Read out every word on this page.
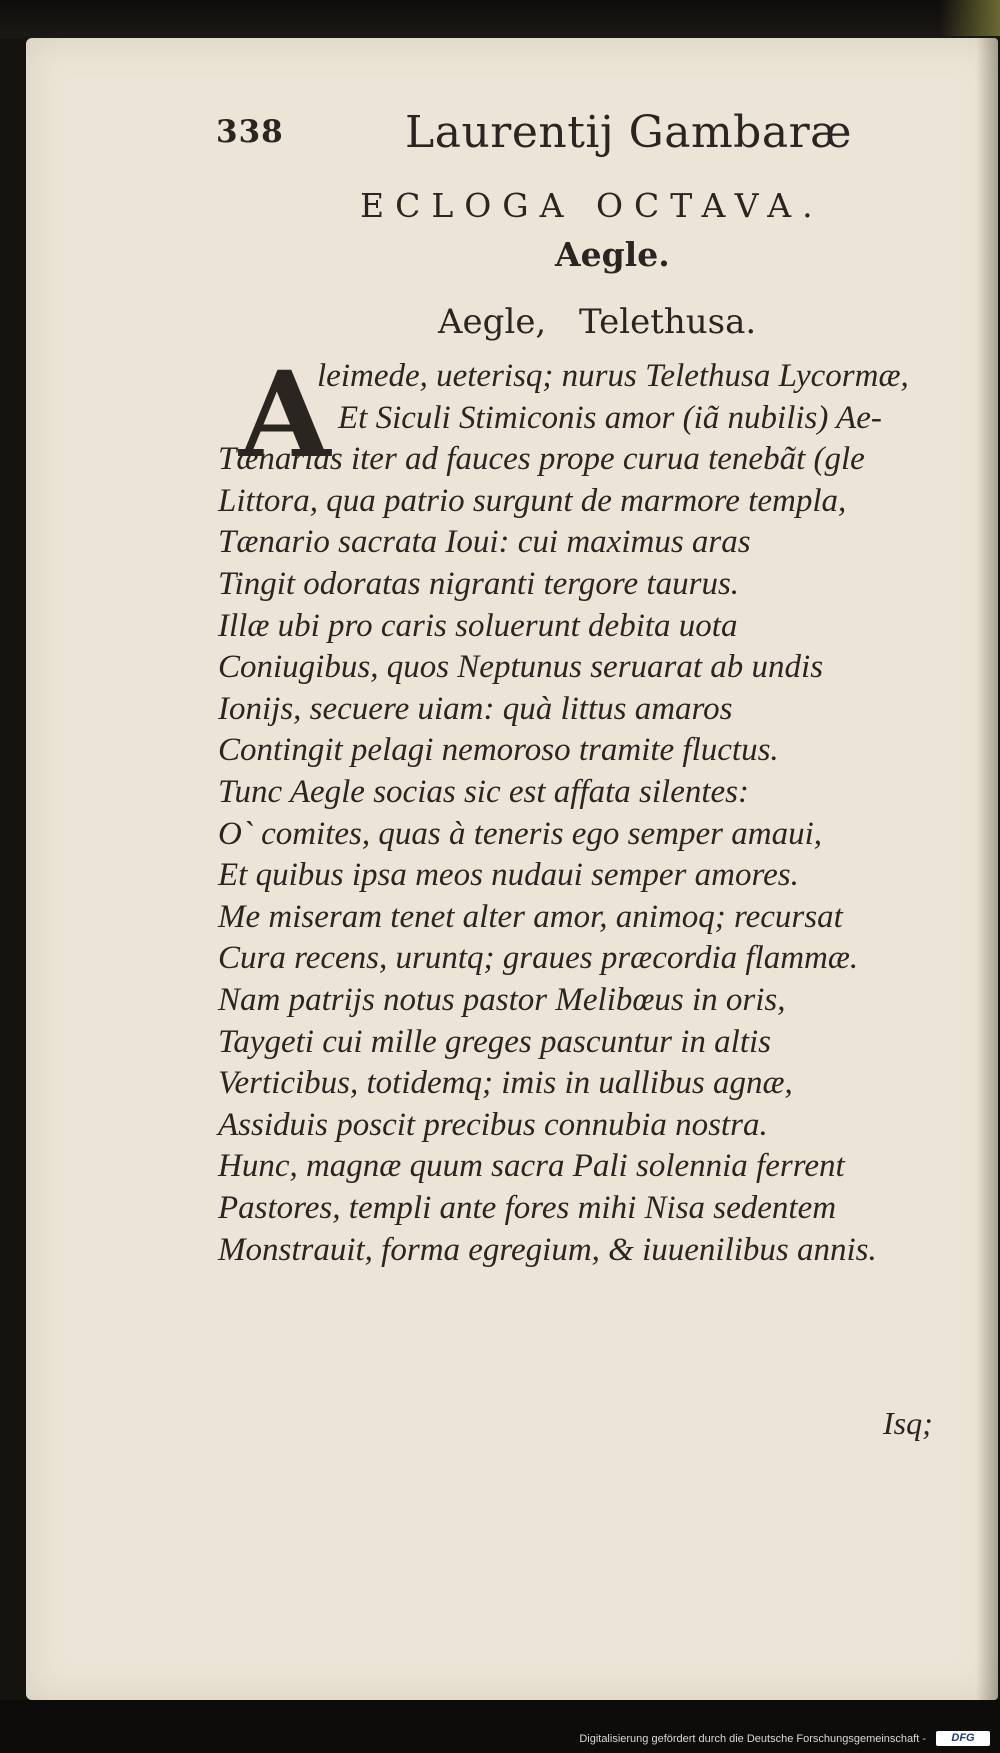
leimede, ueterisq; nurus Telethusa Lycormæ,
Et Siculi Stimiconis amor (iã nubilis) Ae-
Tænarias iter ad fauces prope curua tenebãt (gle
Littora, qua patrio surgunt de marmore templa,
Tænario sacrata Ioui: cui maximus aras
Tingit odoratas nigranti tergore taurus.
Illæ ubi pro caris soluerunt debita uota
Coniugibus, quos Neptunus seruarat ab undis
Ionijs, secuere uiam: quà littus amaros
Contingit pelagi nemoroso tramite fluctus.
Tunc Aegle socias sic est affata silentes:
O` comites, quas à teneris ego semper amaui,
Et quibus ipsa meos nudaui semper amores.
Me miseram tenet alter amor, animoq; recursat
Cura recens, uruntq; graues præcordia flammæ.
Nam patrijs notus pastor Melibœus in oris,
Taygeti cui mille greges pascuntur in altis
Verticibus, totidemq; imis in uallibus agnæ,
Assiduis poscit precibus connubia nostra.
Hunc, magnæ quum sacra Pali solennia ferrent
Pastores, templi ante fores mihi Nisa sedentem
Monstrauit, forma egregium, & iuuenilibus annis.
338	Laurentij Gambaræ
ECLOGA OCTAVA.
Aegle.
Aegle, Telethusa.
A
Isq;
Digitalisierung gefördert durch die Deutsche Forschungsgemeinschaft -	DFG
